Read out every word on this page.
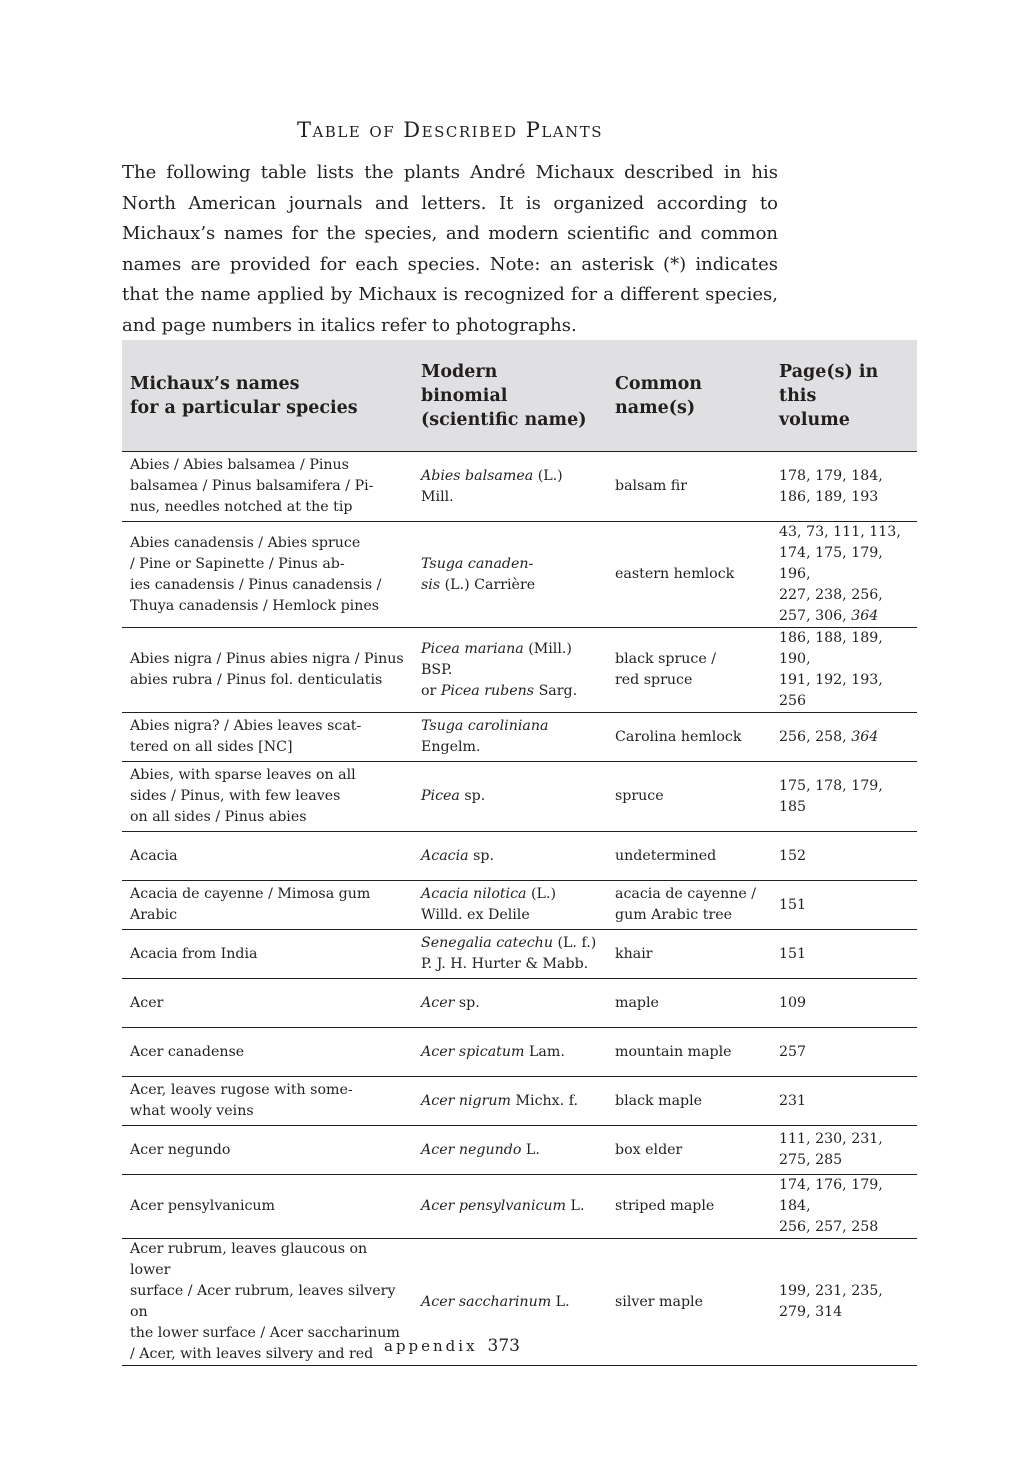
Table of Described Plants

The following table lists the plants André Michaux described in his North American journals and letters. It is organized according to Michaux’s names for the species, and modern scientific and common names are provided for each species. Note: an asterisk (*) indicates that the name applied by Michaux is recognized for a different species, and page numbers in italics refer to photographs.

Michaux’s names
for a particular species	Modern
binomial
(scientific name)	Common
name(s)	Page(s) in this
volume

Abies / Abies balsamea / Pinus
balsamea / Pinus balsamifera / Pi-
nus, needles notched at the tip	Abies balsamea (L.) Mill.	balsam fir	178, 179, 184,
186, 189, 193

Abies canadensis / Abies spruce
/ Pine or Sapinette / Pinus ab-
ies canadensis / Pinus canadensis /
Thuya canadensis / Hemlock pines	Tsuga canaden-
sis (L.) Carrière	eastern hemlock	43, 73, 111, 113,
174, 175, 179, 196,
227, 238, 256,
257, 306, 364

Abies nigra / Pinus abies nigra / Pinus
abies rubra / Pinus fol. denticulatis	Picea mariana (Mill.) BSP.
or Picea rubens Sarg.	black spruce /
red spruce	186, 188, 189, 190,
191, 192, 193, 256

Abies nigra? / Abies leaves scat-
tered on all sides [NC]	Tsuga caroliniana Engelm.	Carolina hemlock	256, 258, 364

Abies, with sparse leaves on all
sides / Pinus, with few leaves
on all sides / Pinus abies	Picea sp.	spruce	175, 178, 179, 185

Acacia	Acacia sp.	undetermined	152

Acacia de cayenne / Mimosa gum Arabic	Acacia nilotica (L.)
Willd. ex Delile	acacia de cayenne /
gum Arabic tree	151

Acacia from India	Senegalia catechu (L. f.)
P. J. H. Hurter & Mabb.	khair	151

Acer	Acer sp.	maple	109

Acer canadense	Acer spicatum Lam.	mountain maple	257

Acer, leaves rugose with some-
what wooly veins	Acer nigrum Michx. f.	black maple	231

Acer negundo	Acer negundo L.	box elder	111, 230, 231,
275, 285

Acer pensylvanicum	Acer pensylvanicum L.	striped maple	174, 176, 179, 184,
256, 257, 258

Acer rubrum, leaves glaucous on lower
surface / Acer rubrum, leaves silvery on
the lower surface / Acer saccharinum
/ Acer, with leaves silvery and red	Acer saccharinum L.	silver maple	199, 231, 235,
279, 314
appendix 373
